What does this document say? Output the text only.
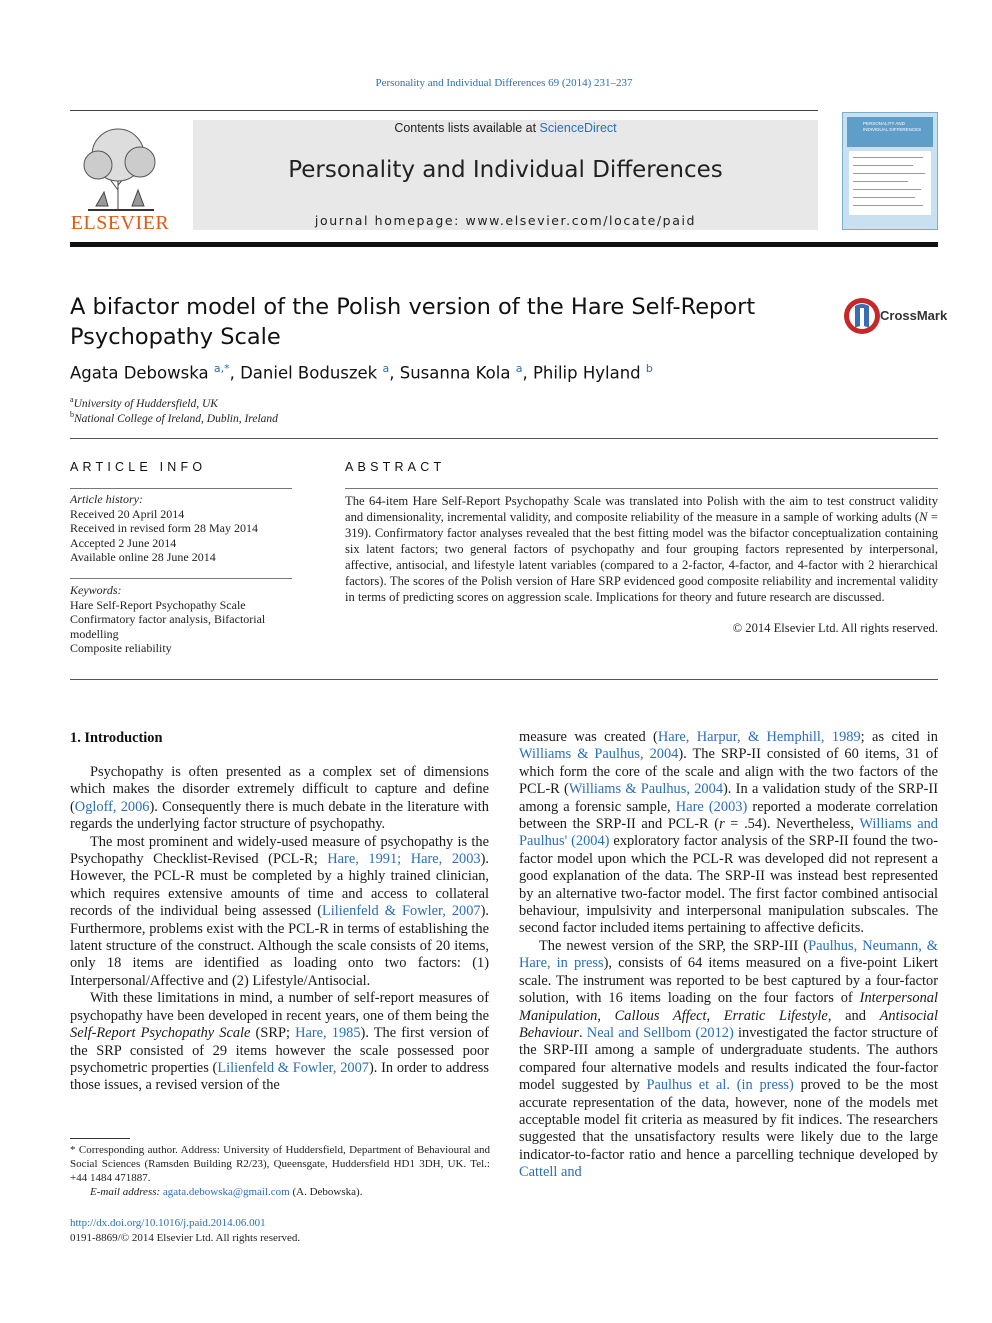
Personality and Individual Differences 69 (2014) 231–237
ELSEVIER
Contents lists available at ScienceDirect
Personality and Individual Differences
journal homepage: www.elsevier.com/locate/paid
PERSONALITY AND INDIVIDUAL DIFFERENCES
A bifactor model of the Polish version of the Hare Self-Report
Psychopathy Scale
CrossMark
Agata Debowska $^{a,*}$, Daniel Boduszek $^a$, Susanna Kola $^a$, Philip Hyland $^b$
$^a$University of Huddersfield, UK
$^b$National College of Ireland, Dublin, Ireland
ARTICLE INFO
Article history:
Received 20 April 2014
Received in revised form 28 May 2014
Accepted 2 June 2014
Available online 28 June 2014
Keywords:
Hare Self-Report Psychopathy Scale
Confirmatory factor analysis, Bifactorial
modelling
Composite reliability
ABSTRACT
The 64-item Hare Self-Report Psychopathy Scale was translated into Polish with the aim to test construct validity and dimensionality, incremental validity, and composite reliability of the measure in a sample of working adults (N = 319). Confirmatory factor analyses revealed that the best fitting model was the bifactor conceptualization containing six latent factors; two general factors of psychopathy and four grouping factors represented by interpersonal, affective, antisocial, and lifestyle latent variables (compared to a 2-factor, 4-factor, and 4-factor with 2 hierarchical factors). The scores of the Polish version of Hare SRP evidenced good composite reliability and incremental validity in terms of predicting scores on aggression scale. Implications for theory and future research are discussed.
© 2014 Elsevier Ltd. All rights reserved.
1. Introduction

Psychopathy is often presented as a complex set of dimensions which makes the disorder extremely difficult to capture and define (Ogloff, 2006). Consequently there is much debate in the literature with regards the underlying factor structure of psychopathy.

The most prominent and widely-used measure of psychopathy is the Psychopathy Checklist-Revised (PCL-R; Hare, 1991; Hare, 2003). However, the PCL-R must be completed by a highly trained clinician, which requires extensive amounts of time and access to collateral records of the individual being assessed (Lilienfeld & Fowler, 2007). Furthermore, problems exist with the PCL-R in terms of establishing the latent structure of the construct. Although the scale consists of 20 items, only 18 items are identified as loading onto two factors: (1) Interpersonal/Affective and (2) Lifestyle/Antisocial.

With these limitations in mind, a number of self-report measures of psychopathy have been developed in recent years, one of them being the Self-Report Psychopathy Scale (SRP; Hare, 1985). The first version of the SRP consisted of 29 items however the scale possessed poor psychometric properties (Lilienfeld & Fowler, 2007). In order to address those issues, a revised version of the

measure was created (Hare, Harpur, & Hemphill, 1989; as cited in Williams & Paulhus, 2004). The SRP-II consisted of 60 items, 31 of which form the core of the scale and align with the two factors of the PCL-R (Williams & Paulhus, 2004). In a validation study of the SRP-II among a forensic sample, Hare (2003) reported a moderate correlation between the SRP-II and PCL-R (r = .54). Nevertheless, Williams and Paulhus' (2004) exploratory factor analysis of the SRP-II found the two-factor model upon which the PCL-R was developed did not represent a good explanation of the data. The SRP-II was instead best represented by an alternative two-factor model. The first factor combined antisocial behaviour, impulsivity and interpersonal manipulation subscales. The second factor included items pertaining to affective deficits.

The newest version of the SRP, the SRP-III (Paulhus, Neumann, & Hare, in press), consists of 64 items measured on a five-point Likert scale. The instrument was reported to be best captured by a four-factor solution, with 16 items loading on the four factors of Interpersonal Manipulation, Callous Affect, Erratic Lifestyle, and Antisocial Behaviour. Neal and Sellbom (2012) investigated the factor structure of the SRP-III among a sample of undergraduate students. The authors compared four alternative models and results indicated the four-factor model suggested by Paulhus et al. (in press) proved to be the most accurate representation of the data, however, none of the models met acceptable model fit criteria as measured by fit indices. The researchers suggested that the unsatisfactory results were likely due to the large indicator-to-factor ratio and hence a parcelling technique developed by Cattell and

* Corresponding author. Address: University of Huddersfield, Department of Behavioural and Social Sciences (Ramsden Building R2/23), Queensgate, Huddersfield HD1 3DH, UK. Tel.: +44 1484 471887.
E-mail address: agata.debowska@gmail.com (A. Debowska).
http://dx.doi.org/10.1016/j.paid.2014.06.001
0191-8869/© 2014 Elsevier Ltd. All rights reserved.
